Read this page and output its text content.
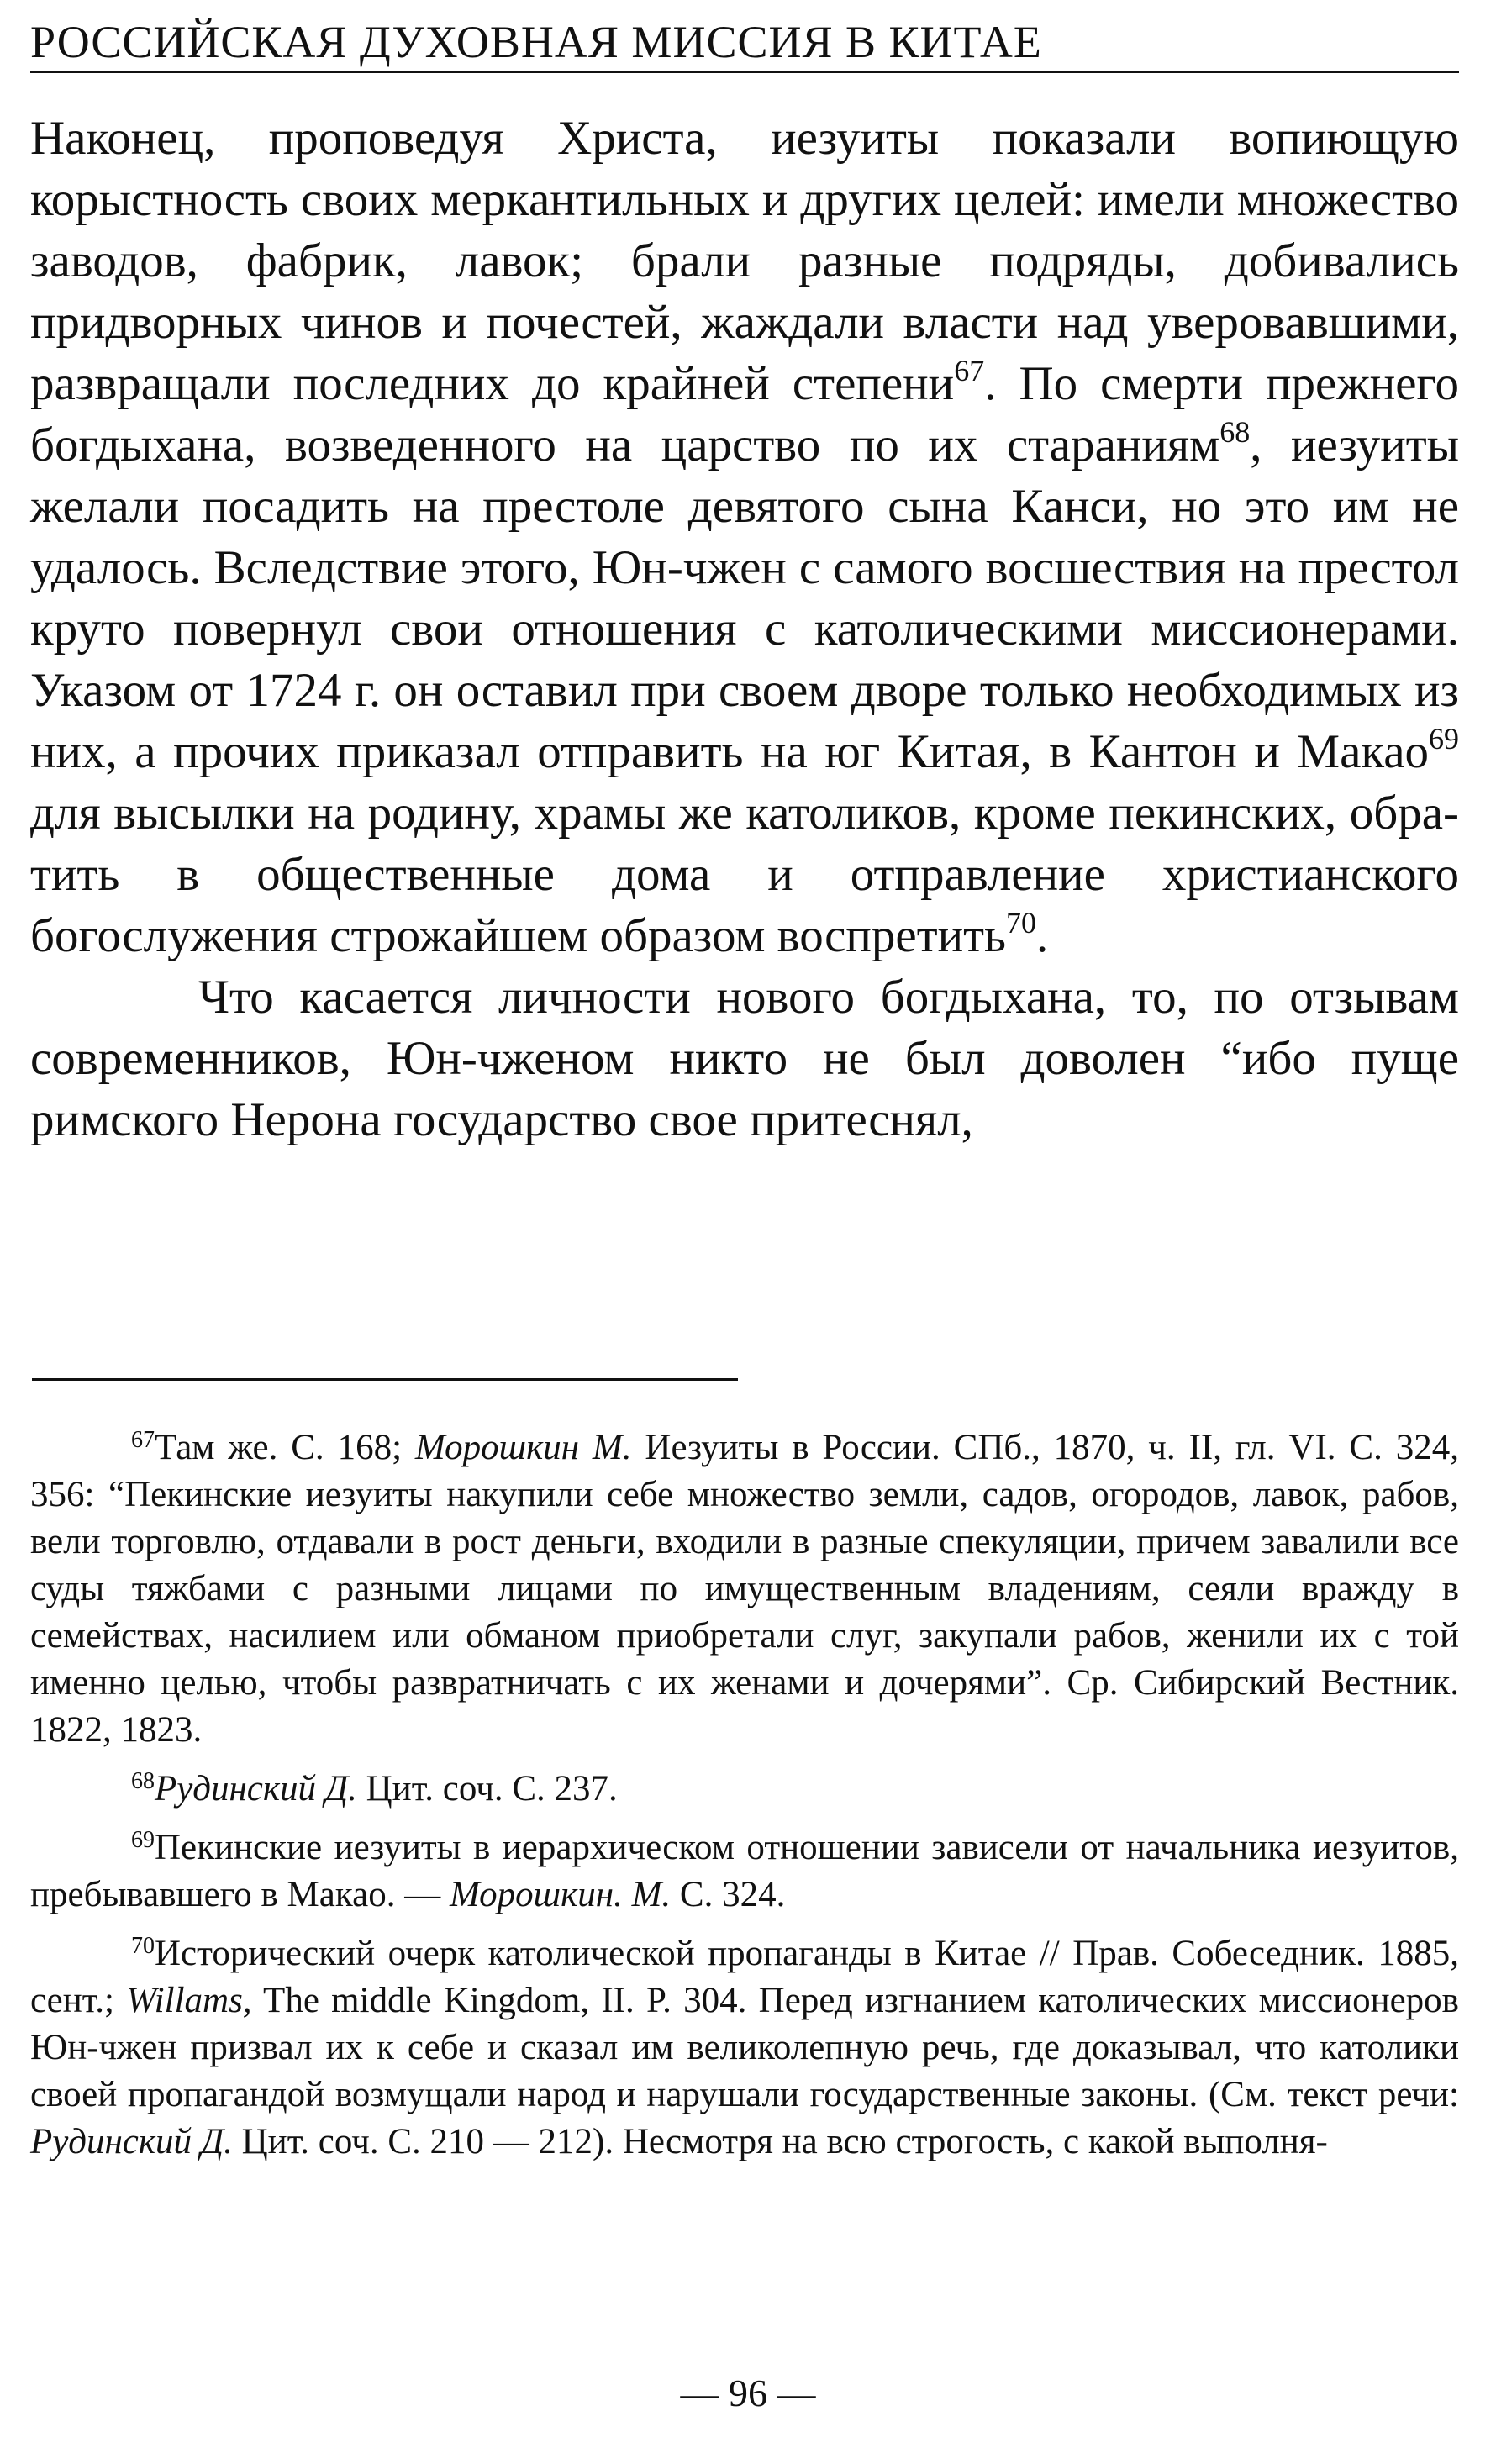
РОССИЙСКАЯ ДУХОВНАЯ МИССИЯ В КИТАЕ

Наконец, проповедуя Христа, иезуиты показали вопиющую корыстность своих меркантильных и других целей: имели множество заводов, фабрик, лавок; брали разные подряды, добивались придворных чинов и почестей, жаждали власти над уверовавшими, развращали последних до крайней степени$^{67}$. По смерти прежнего богдыхана, возведенного на царство по их стараниям$^{68}$, иезуиты желали посадить на престоле девятого сына Канси, но это им не удалось. Вследствие этого, Юн-чжен с самого восшествия на престол круто повернул свои отношения с католическими миссионерами. Указом от 1724 г. он оставил при своем дворе только необходимых из них, а прочих приказал отправить на юг Китая, в Кантон и Макао$^{69}$ для высылки на родину, храмы же католиков, кроме пекинских, обратить в общественные дома и отправление христианского богослужения строжайшем образом воспретить$^{70}$.

Что касается личности нового богдыхана, то, по отзывам современников, Юн-чженом никто не был доволен “ибо пуще римского Нерона государство свое притеснял,

$^{67}$Там же. С. 168; Морошкин М. Иезуиты в России. СПб., 1870, ч. II, гл. VI. С. 324, 356: “Пекинские иезуиты накупили себе множество земли, садов, огородов, лавок, рабов, вели торговлю, отдавали в рост деньги, входили в разные спекуляции, причем завалили все суды тяжбами с разными лицами по имущественным владениям, сеяли вражду в семействах, насилием или обманом приобретали слуг, закупали рабов, женили их с той именно целью, чтобы развратничать с их женами и дочерями”. Ср. Сибирский Вестник. 1822, 1823.

$^{68}$Рудинский Д. Цит. соч. С. 237.

$^{69}$Пекинские иезуиты в иерархическом отношении зависели от начальника иезуитов, пребывавшего в Макао. — Морошкин. М. С. 324.

$^{70}$Исторический очерк католической пропаганды в Китае // Прав. Собеседник. 1885, сент.; Willams, The middle Kingdom, II. P. 304. Перед изгнанием католических миссионеров Юн-чжен призвал их к себе и сказал им великолепную речь, где доказывал, что католики своей пропагандой возмущали народ и нарушали государственные законы. (См. текст речи: Рудинский Д. Цит. соч. С. 210 — 212). Несмотря на всю строгость, с какой выполня-

— 96 —
